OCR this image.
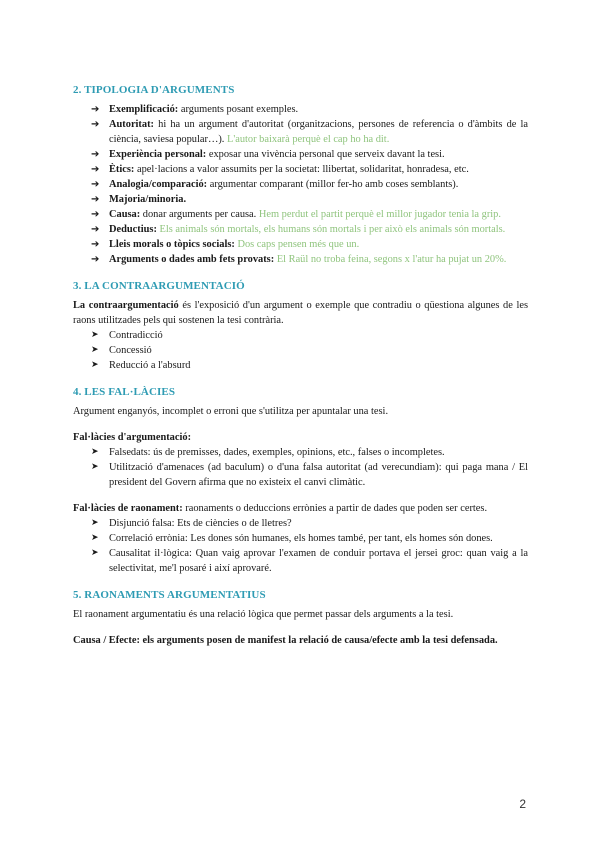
2. TIPOLOGIA D'ARGUMENTS
➔ Exemplificació: arguments posant exemples.
➔ Autoritat: hi ha un argument d'autoritat (organitzacions, persones de referencia o d'àmbits de la ciència, saviesa popular…). L'autor baixarà perquè el cap ho ha dit.
➔ Experiència personal: exposar una vivència personal que serveix davant la tesi.
➔ Ètics: apel·lacions a valor assumits per la societat: llibertat, solidaritat, honradesa, etc.
➔ Analogia/comparació: argumentar comparant (millor fer-ho amb coses semblants).
➔ Majoria/minoria.
➔ Causa: donar arguments per causa. Hem perdut el partit perquè el millor jugador tenia la grip.
➔ Deductius: Els animals són mortals, els humans són mortals i per això els animals són mortals.
➔ Lleis morals o tòpics socials: Dos caps pensen més que un.
➔ Arguments o dades amb fets provats: El Raül no troba feina, segons x l'atur ha pujat un 20%.
3. LA CONTRAARGUMENTACIÓ

La contraargumentació és l'exposició d'un argument o exemple que contradiu o qüestiona algunes de les raons utilitzades pels qui sostenen la tesi contrària.

➤ Contradicció
➤ Concessió
➤ Reducció a l'absurd
4. LES FAL·LÀCIES

Argument enganyós, incomplet o erroni que s'utilitza per apuntalar una tesi.

Fal·làcies d'argumentació:

➤ Falsedats: ús de premisses, dades, exemples, opinions, etc., falses o incompletes.
➤ Utilització d'amenaces (ad baculum) o d'una falsa autoritat (ad verecundiam): qui paga mana / El president del Govern afirma que no existeix el canvi climàtic.

Fal·làcies de raonament: raonaments o deduccions errònies a partir de dades que poden ser certes.

➤ Disjunció falsa: Ets de ciències o de lletres?
➤ Correlació errònia: Les dones són humanes, els homes també, per tant, els homes són dones.
➤ Causalitat il·lògica: Quan vaig aprovar l'examen de conduir portava el jersei groc: quan vaig a la selectivitat, me'l posaré i així aprovaré.
5. RAONAMENTS ARGUMENTATIUS

El raonament argumentatiu és una relació lògica que permet passar dels arguments a la tesi.

Causa / Efecte: els arguments posen de manifest la relació de causa/efecte amb la tesi defensada.

2
